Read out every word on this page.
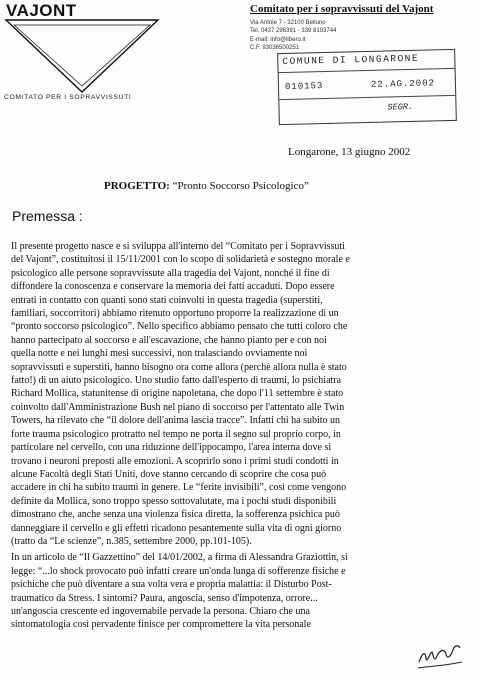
VAJONT
COMITATO PER I SOPRAVVISSUTI
Comitato per i sopravvissuti del Vajont
Via Antole 7 - 32100 Belluno
Tel. 0437 296391 - 339 8193744
E-mail: info@libero.it
C.F. 93036500251
COMUNE DI LONGARONE
010153	22.AG.2002
SEGR.
Longarone, 13 giugno 2002
PROGETTO: “Pronto Soccorso Psicologico”
Premessa :
Il presente progetto nasce e si sviluppa all'interno del “Comitato per i Sopravvissuti
del Vajont”, costituitosi il 15/11/2001 con lo scopo di solidarietà e sostegno morale e
psicologico alle persone sopravvissute alla tragedia del Vajont, nonché il fine di
diffondere la conoscenza e conservare la memoria dei fatti accaduti. Dopo essere
entrati in contatto con quanti sono stati coinvolti in questa tragedia (superstiti,
familiari, soccorritori) abbiamo ritenuto opportuno proporre la realizzazione di un
“pronto soccorso psicologico”. Nello specifico abbiamo pensato che tutti coloro che
hanno partecipato al soccorso e all'escavazione, che hanno pianto per e con noi
quella notte e nei lunghi mesi successivi, non tralasciando ovviamente noi
sopravvissuti e superstiti, hanno bisogno ora come allora (perchè allora nulla è stato
fatto!) di un aiuto psicologico. Uno studio fatto dall'esperto di traumi, lo psichiatra
Richard Mollica, statunitense di origine napoletana, che dopo l'11 settembre è stato
coinvolto dall'Amministrazione Bush nel piano di soccorso per l'attentato alle Twin
Towers, ha rilevato che “il dolore dell'anima lascia tracce”. Infatti chi ha subito un
forte trauma psicologico protratto nel tempo ne porta il segno sul proprio corpo, in
particolare nel cervello, con una riduzione dell'ippocampo, l'area interna dove si
trovano i neuroni preposti alle emozioni. A scoprirlo sono i primi studi condotti in
alcune Facoltà degli Stati Uniti, dove stanno cercando di scoprire che cosa può
accadere in chi ha subito traumi in genere. Le “ferite invisibili”, così come vengono
definite da Mollica, sono troppo spesso sottovalutate, ma i pochi studi disponibili
dimostrano che, anche senza una violenza fisica diretta, la sofferenza psichica può
danneggiare il cervello e gli effetti ricadono pesantemente sulla vita di ogni giorno
(tratto da “Le scienze”, n.385, settembre 2000, pp.101-105).
In un articolo de “Il Gazzettino” del 14/01/2002, a firma di Alessandra Graziottin, si
legge: “...lo shock provocato può infatti creare un'onda lunga di sofferenze fisiche e
psichiche che può diventare a sua volta vera e propria malattia: il Disturbo Post-
traumatico da Stress. I sintomi? Paura, angoscia, senso d'impotenza, orrore...
un'angoscia crescente ed ingovernabile pervade la persona. Chiaro che una
sintomatologia così pervadente finisce per compromettere la vita personale
